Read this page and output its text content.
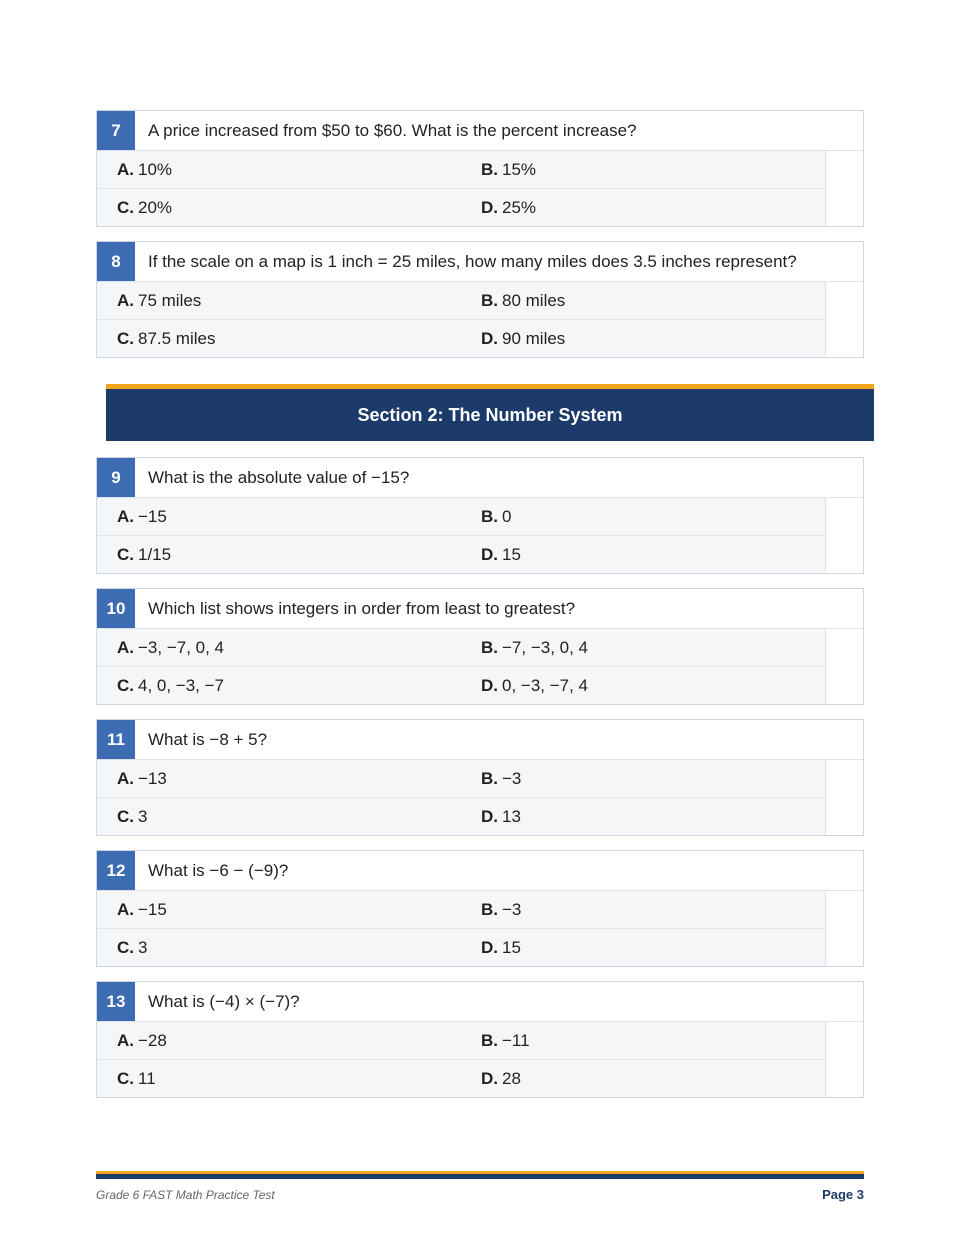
7	A price increased from $50 to $60. What is the percent increase?
A. 10%	B. 15%
C. 20%	D. 25%
8	If the scale on a map is 1 inch = 25 miles, how many miles does 3.5 inches represent?
A. 75 miles	B. 80 miles
C. 87.5 miles	D. 90 miles
Section 2: The Number System
9	What is the absolute value of −15?
A. −15	B. 0
C. 1/15	D. 15
10	Which list shows integers in order from least to greatest?
A. −3, −7, 0, 4	B. −7, −3, 0, 4
C. 4, 0, −3, −7	D. 0, −3, −7, 4
11	What is −8 + 5?
A. −13	B. −3
C. 3	D. 13
12	What is −6 − (−9)?
A. −15	B. −3
C. 3	D. 15
13	What is (−4) × (−7)?
A. −28	B. −11
C. 11	D. 28
Grade 6 FAST Math Practice Test	Page 3
